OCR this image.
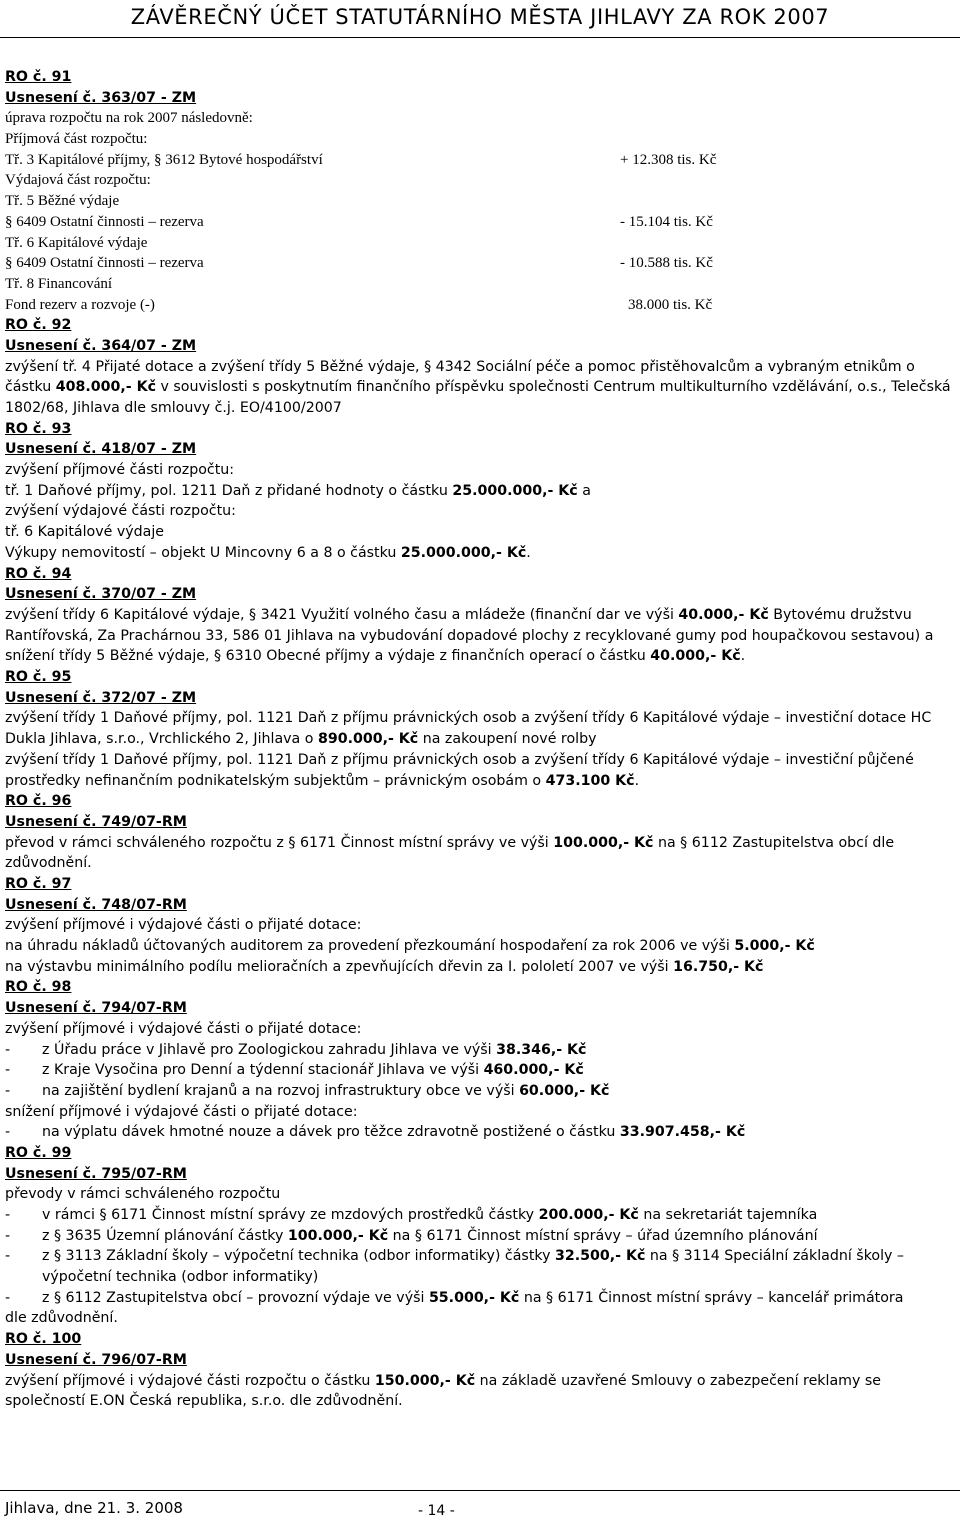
ZÁVĚREČNÝ ÚČET STATUTÁRNÍHO MĚSTA JIHLAVY ZA ROK 2007
RO č. 91
Usnesení č. 363/07 - ZM
úprava rozpočtu na rok 2007 následovně:
Příjmová část rozpočtu:
Tř. 3 Kapitálové příjmy, § 3612 Bytové hospodářství	+ 12.308 tis. Kč
Výdajová část rozpočtu:
Tř. 5 Běžné výdaje
§ 6409 Ostatní činnosti – rezerva	- 15.104 tis. Kč
Tř. 6 Kapitálové výdaje
§ 6409 Ostatní činnosti – rezerva	- 10.588 tis. Kč
Tř. 8 Financování
Fond rezerv a rozvoje (-)	38.000 tis. Kč
RO č. 92
Usnesení č. 364/07 - ZM
zvýšení tř. 4 Přijaté dotace a zvýšení třídy 5 Běžné výdaje, § 4342 Sociální péče a pomoc přistěhovalcům a vybraným etnikům o částku 408.000,- Kč v souvislosti s poskytnutím finančního příspěvku společnosti Centrum multikulturního vzdělávání, o.s., Telečská 1802/68, Jihlava dle smlouvy č.j. EO/4100/2007
RO č. 93
Usnesení č. 418/07 - ZM
zvýšení příjmové části rozpočtu:
tř. 1 Daňové příjmy, pol. 1211 Daň z přidané hodnoty o částku 25.000.000,- Kč a
zvýšení výdajové části rozpočtu:
tř. 6 Kapitálové výdaje
Výkupy nemovitostí – objekt U Mincovny 6 a 8 o částku 25.000.000,- Kč.
RO č. 94
Usnesení č. 370/07 - ZM
zvýšení třídy 6 Kapitálové výdaje, § 3421 Využití volného času a mládeže (finanční dar ve výši 40.000,- Kč Bytovému družstvu Rantířovská, Za Prachárnou 33, 586 01 Jihlava na vybudování dopadové plochy z recyklované gumy pod houpačkovou sestavou) a snížení třídy 5 Běžné výdaje, § 6310 Obecné příjmy a výdaje z finančních operací o částku 40.000,- Kč.
RO č. 95
Usnesení č. 372/07 - ZM
zvýšení třídy 1 Daňové příjmy, pol. 1121 Daň z příjmu právnických osob a zvýšení třídy 6 Kapitálové výdaje – investiční dotace HC Dukla Jihlava, s.r.o., Vrchlického 2, Jihlava o 890.000,- Kč na zakoupení nové rolby
zvýšení třídy 1 Daňové příjmy, pol. 1121 Daň z příjmu právnických osob a zvýšení třídy 6 Kapitálové výdaje – investiční půjčené prostředky nefinančním podnikatelským subjektům – právnickým osobám o 473.100 Kč.
RO č. 96
Usnesení č. 749/07-RM
převod v rámci schváleného rozpočtu z § 6171 Činnost místní správy ve výši 100.000,- Kč na § 6112 Zastupitelstva obcí dle zdůvodnění.
RO č. 97
Usnesení č. 748/07-RM
zvýšení příjmové i výdajové části o přijaté dotace:
na úhradu nákladů účtovaných auditorem za provedení přezkoumání hospodaření za rok 2006 ve výši 5.000,- Kč
na výstavbu minimálního podílu melioračních a zpevňujících dřevin za I. pololetí 2007 ve výši 16.750,- Kč
RO č. 98
Usnesení č. 794/07-RM
zvýšení příjmové i výdajové části o přijaté dotace:
- z Úřadu práce v Jihlavě pro Zoologickou zahradu Jihlava ve výši 38.346,- Kč
- z Kraje Vysočina pro Denní a týdenní stacionář Jihlava ve výši 460.000,- Kč
- na zajištění bydlení krajanů a na rozvoj infrastruktury obce ve výši 60.000,- Kč
snížení příjmové i výdajové části o přijaté dotace:
- na výplatu dávek hmotné nouze a dávek pro těžce zdravotně postižené o částku 33.907.458,- Kč
RO č. 99
Usnesení č. 795/07-RM
převody v rámci schváleného rozpočtu
- v rámci § 6171 Činnost místní správy ze mzdových prostředků částky 200.000,- Kč na sekretariát tajemníka
- z § 3635 Územní plánování částky 100.000,- Kč na § 6171 Činnost místní správy – úřad územního plánování
- z § 3113 Základní školy – výpočetní technika (odbor informatiky) částky 32.500,- Kč na § 3114 Speciální základní školy – výpočetní technika (odbor informatiky)
- z § 6112 Zastupitelstva obcí – provozní výdaje ve výši 55.000,- Kč na § 6171 Činnost místní správy – kancelář primátora
dle zdůvodnění.
RO č. 100
Usnesení č. 796/07-RM
zvýšení příjmové i výdajové části rozpočtu o částku 150.000,- Kč na základě uzavřené Smlouvy o zabezpečení reklamy se společností E.ON Česká republika, s.r.o. dle zdůvodnění.
Jihlava, dne 21. 3. 2008	- 14 -
